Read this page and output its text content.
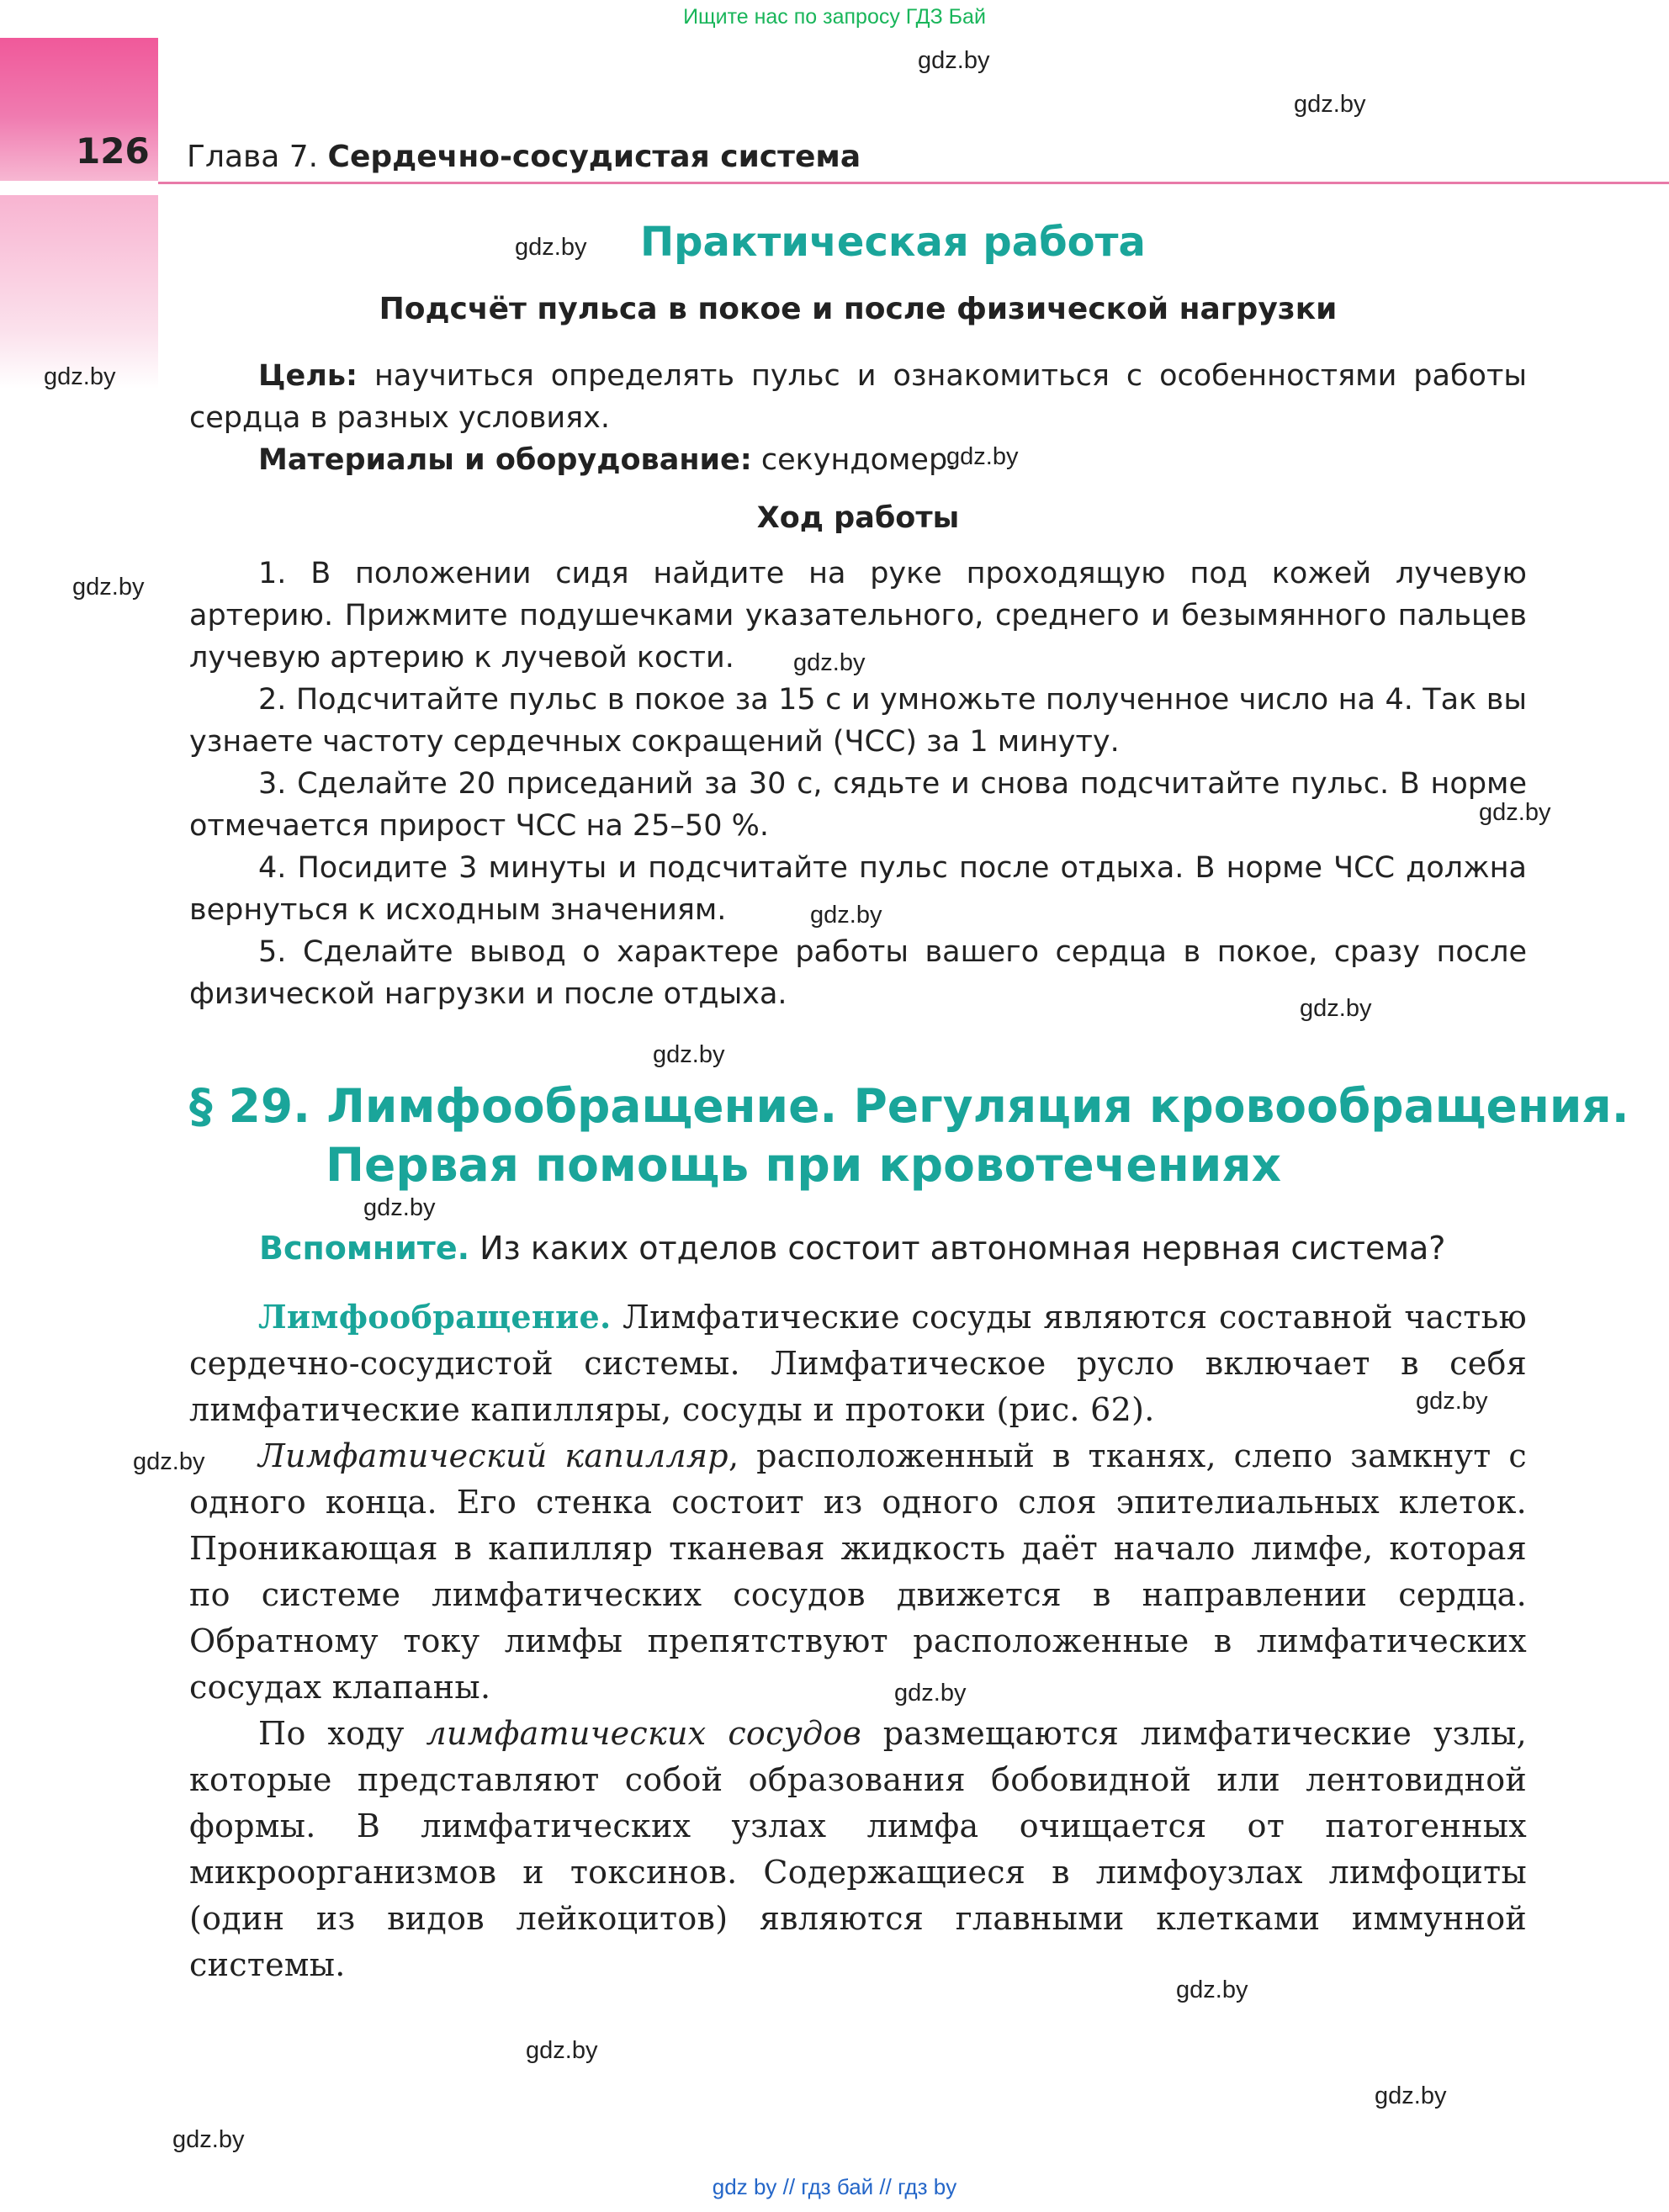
Ищите нас по запросу ГДЗ Бай
126 Глава 7. Сердечно-сосудистая система
gdz.by
gdz.by
gdz.by
gdz.by
gdz.by
gdz.by
gdz.by
gdz.by
gdz.by
gdz.by
gdz.by
gdz.by
gdz.by
gdz.by
gdz.by
gdz.by
gdz.by
gdz.by
gdz.by
Практическая работа
Подсчёт пульса в покое и после физической нагрузки

Цель: научиться определять пульс и ознакомиться с особенностями работы сердца в разных условиях.

Материалы и оборудование: секундомер.

Ход работы

1. В положении сидя найдите на руке проходящую под кожей лучевую артерию. Прижмите подушечками указательного, среднего и безымянного пальцев лучевую артерию к лучевой кости.

2. Подсчитайте пульс в покое за 15 с и умножьте полученное число на 4. Так вы узнаете частоту сердечных сокращений (ЧСС) за 1 минуту.

3. Сделайте 20 приседаний за 30 с, сядьте и снова подсчитайте пульс. В норме отмечается прирост ЧСС на 25–50 %.

4. Посидите 3 минуты и подсчитайте пульс после отдыха. В норме ЧСС должна вернуться к исходным значениям.

5. Сделайте вывод о характере работы вашего сердца в покое, сразу после физической нагрузки и после отдыха.

§ 29. Лимфообращение. Регуляция кровообращения.
Первая помощь при кровотечениях
Вспомните. Из каких отделов состоит автономная нервная система?

Лимфообращение. Лимфатические сосуды являются составной частью сердечно-сосудистой системы. Лимфатическое русло включает в себя лимфатические капилляры, сосуды и протоки (рис. 62).

Лимфатический капилляр, расположенный в тканях, слепо замкнут с одного конца. Его стенка состоит из одного слоя эпителиальных клеток. Проникающая в капилляр тканевая жидкость даёт начало лимфе, которая по системе лимфатических сосудов движется в направлении сердца. Обратному току лимфы препятствуют расположенные в лимфатических сосудах клапаны.

По ходу лимфатических сосудов размещаются лимфатические узлы, которые представляют собой образования бобовидной или лентовидной формы. В лимфатических узлах лимфа очищается от патогенных микроорганизмов и токсинов. Содержащиеся в лимфоузлах лимфоциты (один из видов лейкоцитов) являются главными клетками иммунной системы.

gdz by // гдз бай // гдз by
